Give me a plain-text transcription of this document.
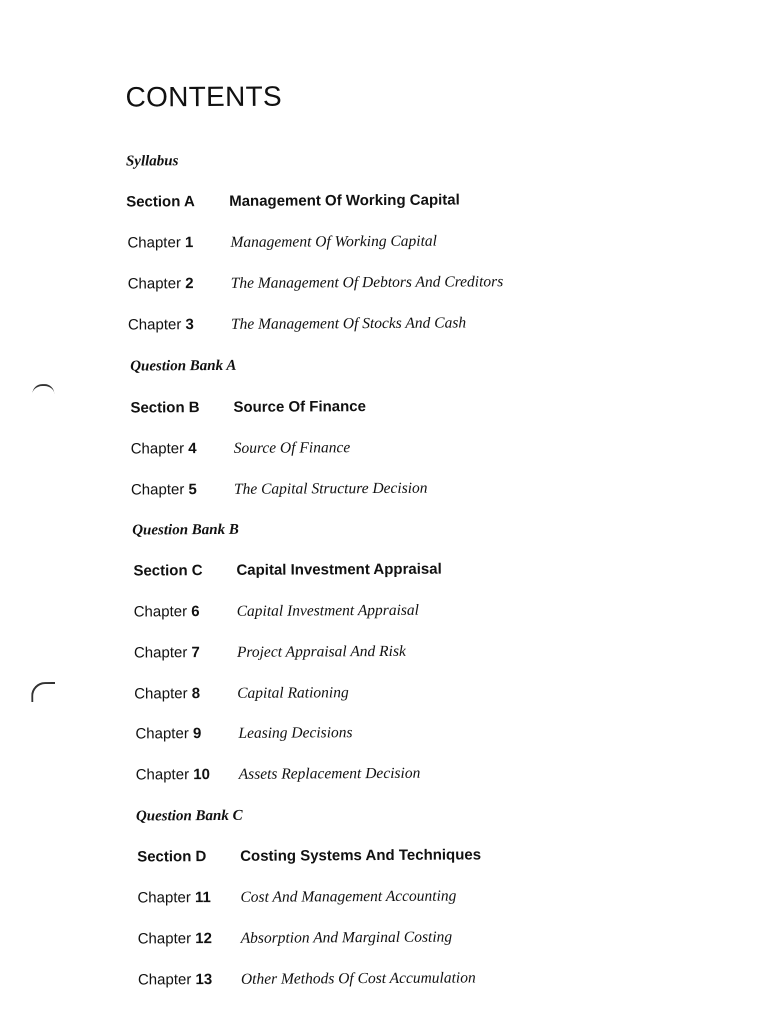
CONTENTS
Syllabus
Section A Management Of Working Capital
Chapter 1 Management Of Working Capital
Chapter 2 The Management Of Debtors And Creditors
Chapter 3 The Management Of Stocks And Cash
Question Bank A
Section B Source Of Finance
Chapter 4 Source Of Finance
Chapter 5 The Capital Structure Decision
Question Bank B
Section C Capital Investment Appraisal
Chapter 6 Capital Investment Appraisal
Chapter 7 Project Appraisal And Risk
Chapter 8 Capital Rationing
Chapter 9 Leasing Decisions
Chapter 10 Assets Replacement Decision
Question Bank C
Section D Costing Systems And Techniques
Chapter 11 Cost And Management Accounting
Chapter 12 Absorption And Marginal Costing
Chapter 13 Other Methods Of Cost Accumulation
